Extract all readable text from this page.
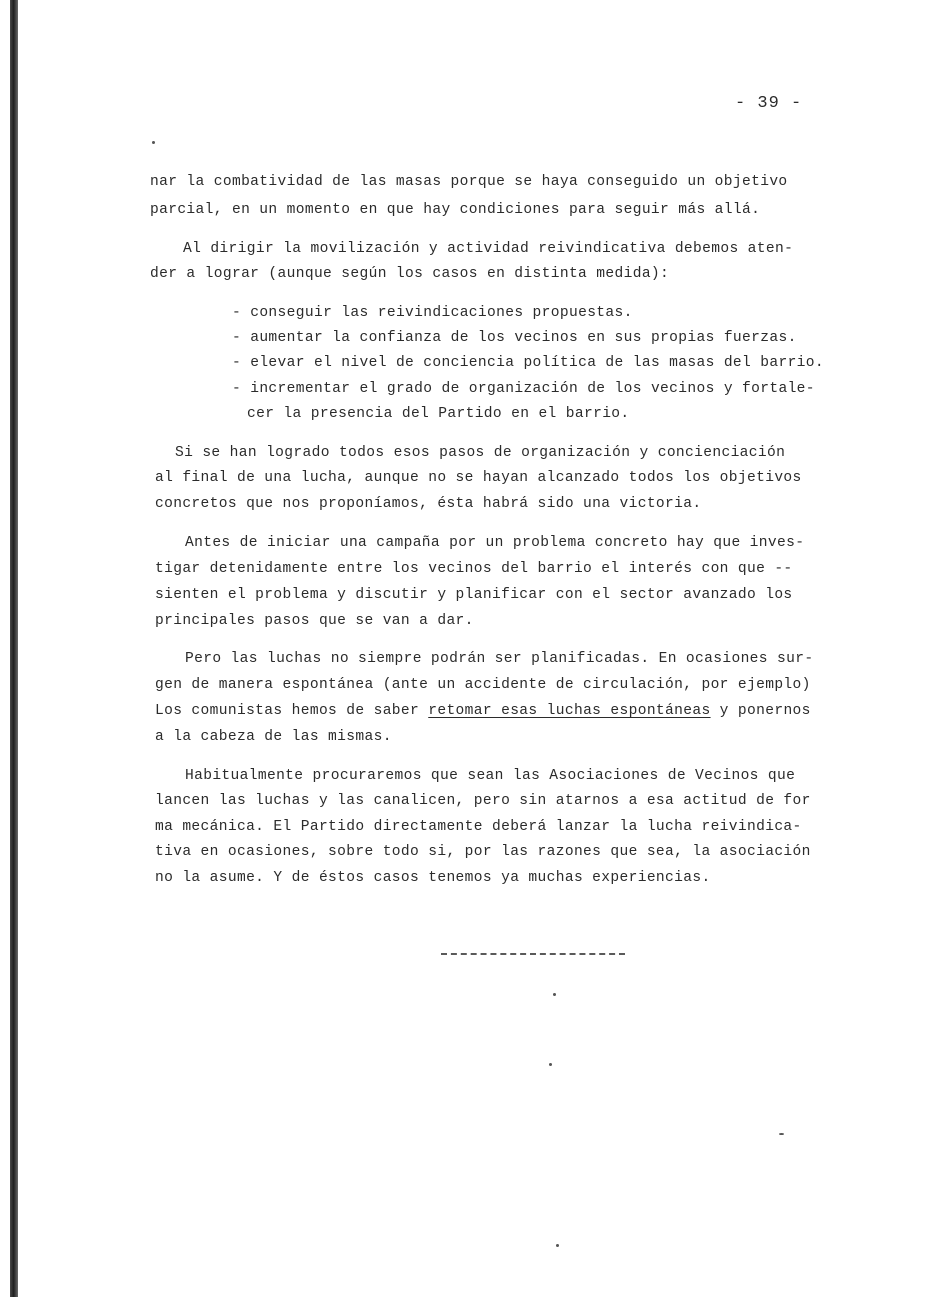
- 39 -
nar la combatividad de las masas porque se haya conseguido un objetivo
parcial, en un momento en que hay condiciones para seguir más allá.
Al dirigir la movilización y actividad reivindicativa debemos aten-
der a lograr (aunque según los casos en distinta medida):
- conseguir las reivindicaciones propuestas.
- aumentar la confianza de los vecinos en sus propias fuerzas.
- elevar el nivel de conciencia política de las masas del barrio.
- incrementar el grado de organización de los vecinos y fortale-
cer la presencia del Partido en el barrio.
Si se han logrado todos esos pasos de organización y concienciación
al final de una lucha, aunque no se hayan alcanzado todos los objetivos
concretos que nos proponíamos, ésta habrá sido una victoria.
Antes de iniciar una campaña por un problema concreto hay que inves-
tigar detenidamente entre los vecinos del barrio el interés con que --
sienten el problema y discutir y planificar con el sector avanzado los
principales pasos que se van a dar.
Pero las luchas no siempre podrán ser planificadas. En ocasiones sur-
gen de manera espontánea (ante un accidente de circulación, por ejemplo)
Los comunistas hemos de saber retomar esas luchas espontáneas y ponernos
a la cabeza de las mismas.
Habitualmente procuraremos que sean las Asociaciones de Vecinos que
lancen las luchas y las canalicen, pero sin atarnos a esa actitud de for
ma mecánica. El Partido directamente deberá lanzar la lucha reivindica-
tiva en ocasiones, sobre todo si, por las razones que sea, la asociación
no la asume. Y de éstos casos tenemos ya muchas experiencias.
